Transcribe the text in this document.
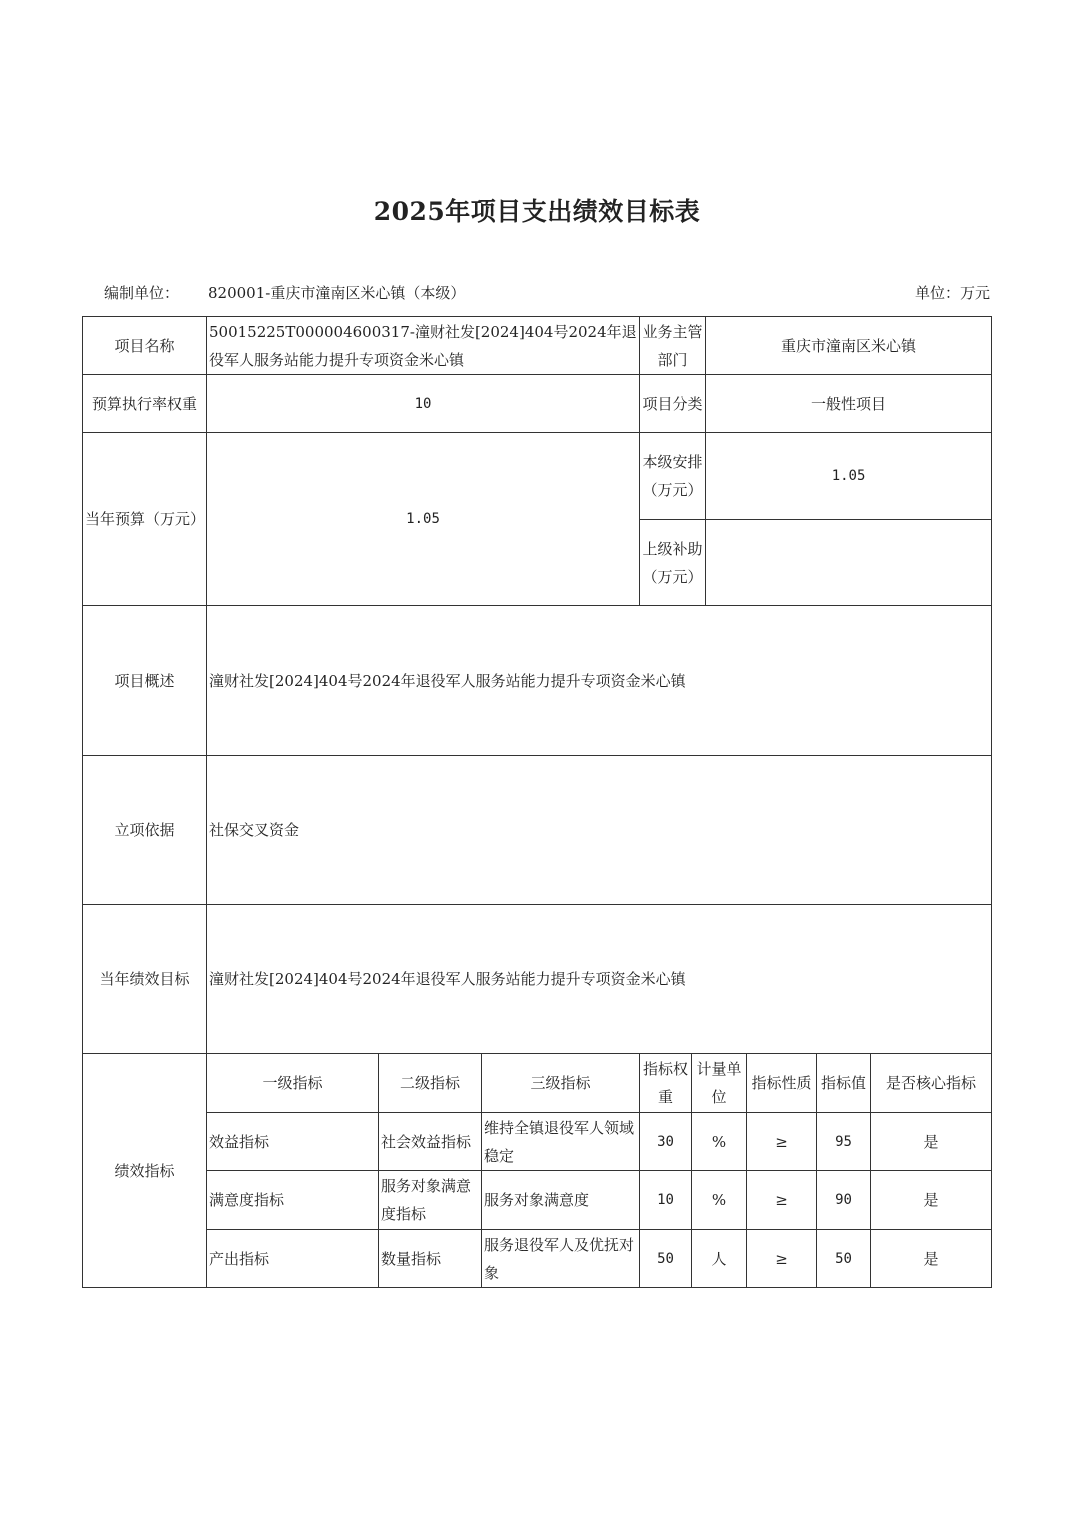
2025年项目支出绩效目标表
编制单位： 820001-重庆市潼南区米心镇（本级）	单位：万元
项目名称	50015225T000004600317-潼财社发[2024]404号2024年退役军人服务站能力提升专项资金米心镇			业务主管部门		重庆市潼南区米心镇			
预算执行率权重	10			项目分类		一般性项目			
当年预算（万元）	1.05			本级安排（万元）		1.05			
				上级补助（万元）					
项目概述	潼财社发[2024]404号2024年退役军人服务站能力提升专项资金米心镇								
立项依据	社保交叉资金								
当年绩效目标	潼财社发[2024]404号2024年退役军人服务站能力提升专项资金米心镇								
绩效指标	一级指标	二级指标	三级指标	指标权重	计量单位		指标性质	指标值	是否核心指标
	效益指标	社会效益指标	维持全镇退役军人领域稳定	30	%		≥	95	是
	满意度指标	服务对象满意度指标	服务对象满意度	10	%		≥	90	是
	产出指标	数量指标	服务退役军人及优抚对象	50	人		≥	50	是
